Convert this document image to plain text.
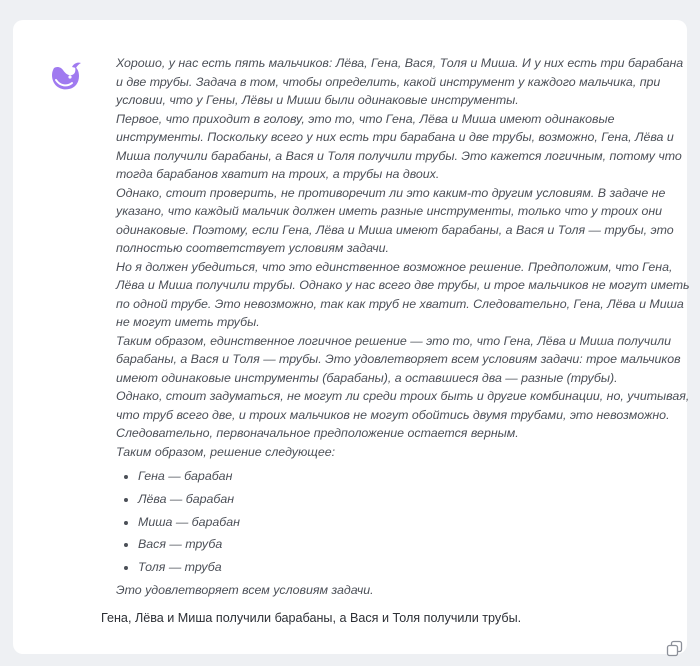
Хорошо, у нас есть пять мальчиков: Лёва, Гена, Вася, Толя и Миша. И у них есть три барабана и две трубы. Задача в том, чтобы определить, какой инструмент у каждого мальчика, при условии, что у Гены, Лёвы и Миши были одинаковые инструменты.

Первое, что приходит в голову, это то, что Гена, Лёва и Миша имеют одинаковые инструменты. Поскольку всего у них есть три барабана и две трубы, возможно, Гена, Лёва и Миша получили барабаны, а Вася и Толя получили трубы. Это кажется логичным, потому что тогда барабанов хватит на троих, а трубы на двоих.

Однако, стоит проверить, не противоречит ли это каким-то другим условиям. В задаче не указано, что каждый мальчик должен иметь разные инструменты, только что у троих они одинаковые. Поэтому, если Гена, Лёва и Миша имеют барабаны, а Вася и Толя — трубы, это полностью соответствует условиям задачи.

Но я должен убедиться, что это единственное возможное решение. Предположим, что Гена, Лёва и Миша получили трубы. Однако у нас всего две трубы, и трое мальчиков не могут иметь по одной трубе. Это невозможно, так как труб не хватит. Следовательно, Гена, Лёва и Миша не могут иметь трубы.

Таким образом, единственное логичное решение — это то, что Гена, Лёва и Миша получили барабаны, а Вася и Толя — трубы. Это удовлетворяет всем условиям задачи: трое мальчиков имеют одинаковые инструменты (барабаны), а оставшиеся два — разные (трубы).

Однако, стоит задуматься, не могут ли среди троих быть и другие комбинации, но, учитывая, что труб всего две, и троих мальчиков не могут обойтись двумя трубами, это невозможно. Следовательно, первоначальное предположение остается верным.

Таким образом, решение следующее:

• Гена — барабан
• Лёва — барабан
• Миша — барабан
• Вася — труба
• Толя — труба

Это удовлетворяет всем условиям задачи.

Гена, Лёва и Миша получили барабаны, а Вася и Толя получили трубы.
